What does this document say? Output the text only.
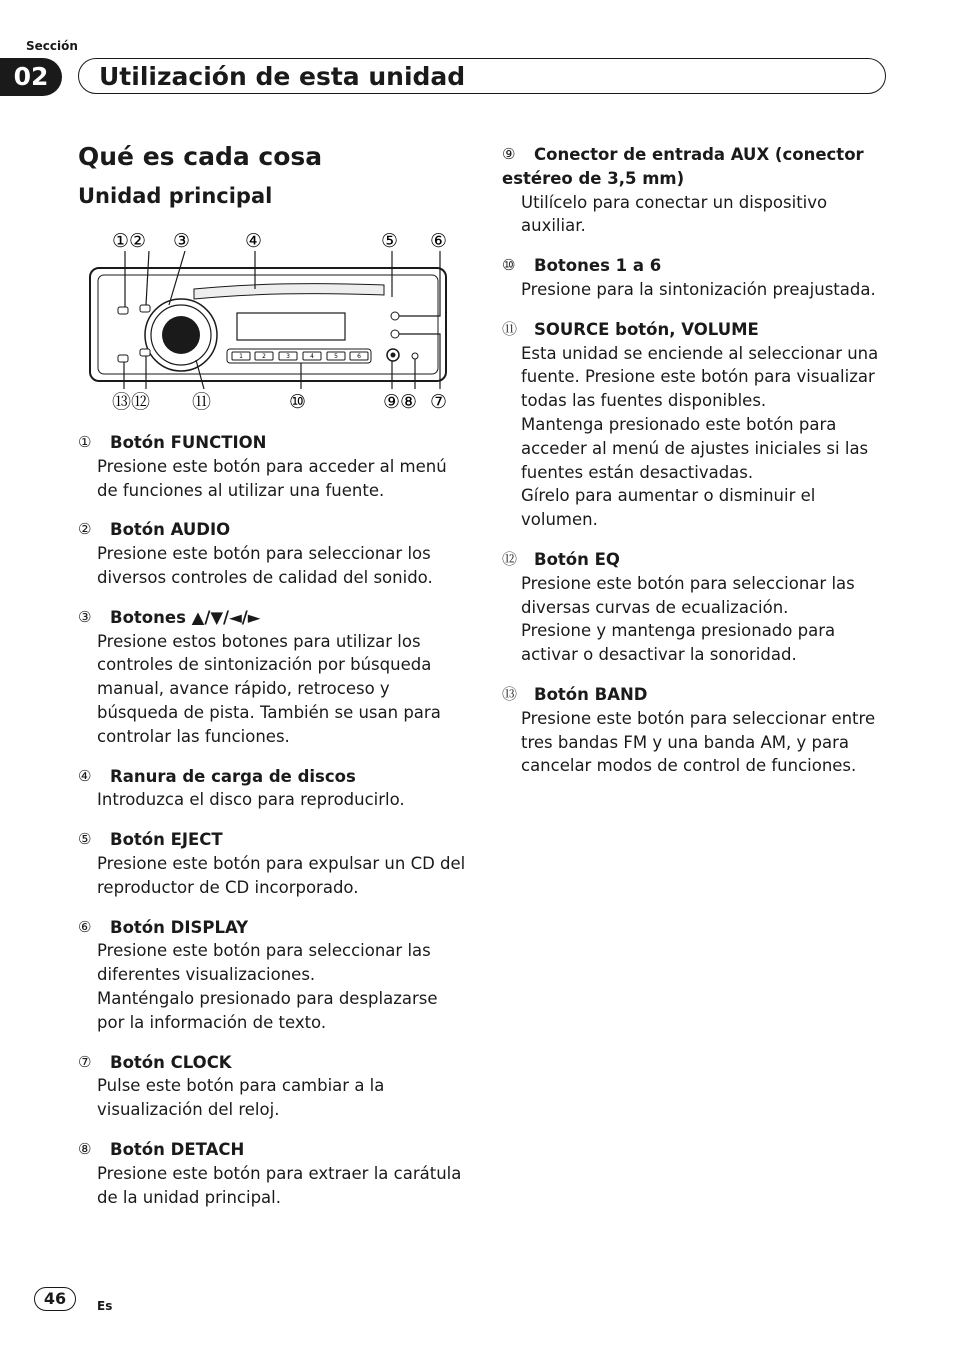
Sección
02	Utilización de esta unidad
Qué es cada cosa
Unidad principal
①② ③	④	⑤ ⑥
⑬⑫ ⑪	⑩	⑨⑧ ⑦
1	2	3	4	5	6
① Botón FUNCTION

Presione este botón para acceder al menú de funciones al utilizar una fuente.

② Botón AUDIO

Presione este botón para seleccionar los diversos controles de calidad del sonido.

③ Botones ▲/▼/◄/►

Presione estos botones para utilizar los controles de sintonización por búsqueda manual, avance rápido, retroceso y búsqueda de pista. También se usan para controlar las funciones.

④ Ranura de carga de discos

Introduzca el disco para reproducirlo.

⑤ Botón EJECT

Presione este botón para expulsar un CD del reproductor de CD incorporado.

⑥ Botón DISPLAY

Presione este botón para seleccionar las diferentes visualizaciones.

Manténgalo presionado para desplazarse por la información de texto.

⑦ Botón CLOCK

Pulse este botón para cambiar a la visualización del reloj.

⑧ Botón DETACH

Presione este botón para extraer la carátula de la unidad principal.

⑨ Conector de entrada AUX (conector estéreo de 3,5 mm)

Utilícelo para conectar un dispositivo auxiliar.

⑩ Botones 1 a 6

Presione para la sintonización preajustada.

⑪ SOURCE botón, VOLUME

Esta unidad se enciende al seleccionar una fuente. Presione este botón para visualizar todas las fuentes disponibles.

Mantenga presionado este botón para acceder al menú de ajustes iniciales si las fuentes están desactivadas.

Gírelo para aumentar o disminuir el volumen.

⑫ Botón EQ

Presione este botón para seleccionar las diversas curvas de ecualización.

Presione y mantenga presionado para activar o desactivar la sonoridad.

⑬ Botón BAND

Presione este botón para seleccionar entre tres bandas FM y una banda AM, y para cancelar modos de control de funciones.

46	Es
